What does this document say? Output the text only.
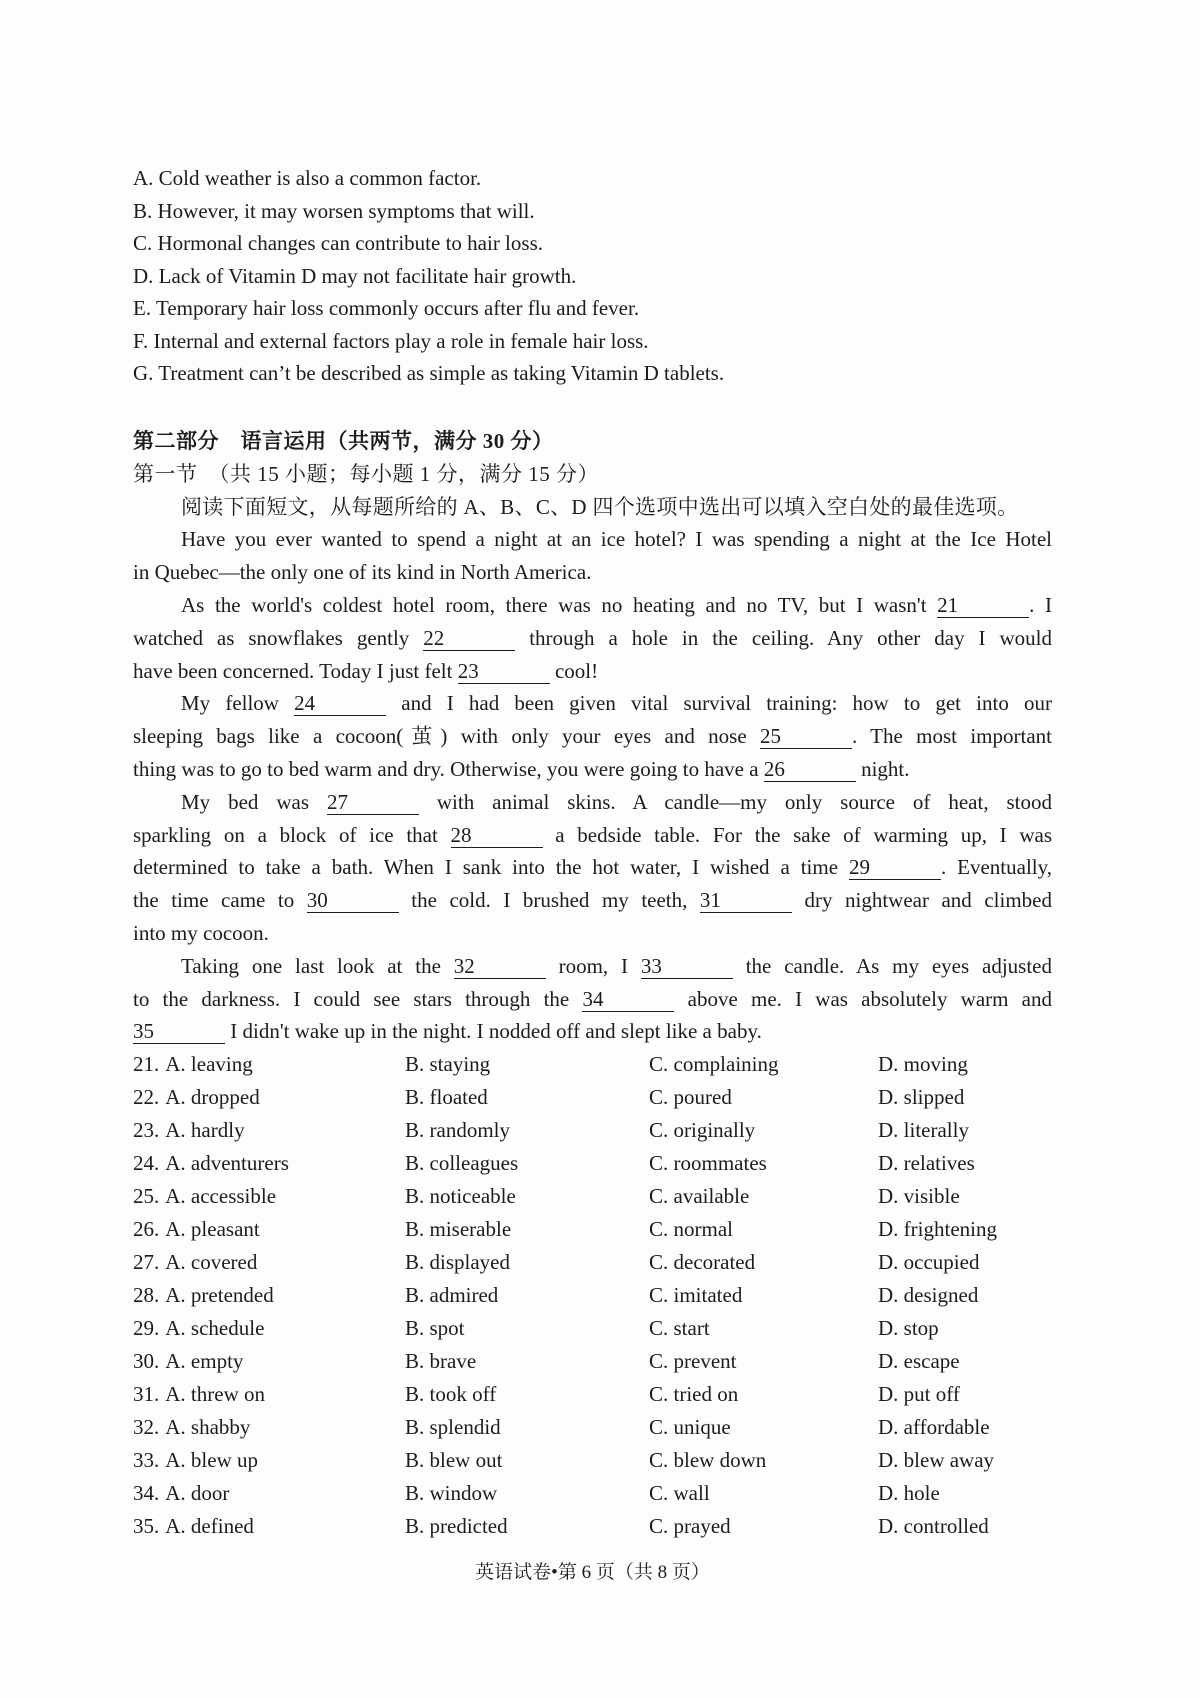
A. Cold weather is also a common factor.
B. However, it may worsen symptoms that will.
C. Hormonal changes can contribute to hair loss.
D. Lack of Vitamin D may not facilitate hair growth.
E. Temporary hair loss commonly occurs after flu and fever.
F. Internal and external factors play a role in female hair loss.
G. Treatment can’t be described as simple as taking Vitamin D tablets.
第二部分　语言运用（共两节，满分 30 分）
第一节　（共 15 小题；每小题 1 分，满分 15 分）
阅读下面短文，从每题所给的 A、B、C、D 四个选项中选出可以填入空白处的最佳选项。
Have you ever wanted to spend a night at an ice hotel? I was spending a night at the Ice Hotel
in Quebec—the only one of its kind in North America.
As the world's coldest hotel room, there was no heating and no TV, but I wasn't 21	. I
watched as snowflakes gently 22	through a hole in the ceiling. Any other day I would
have been concerned. Today I just felt 23	cool!
My fellow 24	and I had been given vital survival training: how to get into our
sleeping bags like a cocoon(茧) with only your eyes and nose 25	. The most important
thing was to go to bed warm and dry. Otherwise, you were going to have a 26	night.
My bed was 27	with animal skins. A candle—my only source of heat, stood
sparkling on a block of ice that 28	a bedside table. For the sake of warming up, I was
determined to take a bath. When I sank into the hot water, I wished a time 29	. Eventually,
the time came to 30	the cold. I brushed my teeth, 31	dry nightwear and climbed
into my cocoon.
Taking one last look at the 32	room, I 33	the candle. As my eyes adjusted
to the darkness. I could see stars through the 34	above me. I was absolutely warm and
35	I didn't wake up in the night. I nodded off and slept like a baby.
21. A. leaving	B. staying	C. complaining	D. moving
22. A. dropped	B. floated	C. poured	D. slipped
23. A. hardly	B. randomly	C. originally	D. literally
24. A. adventurers	B. colleagues	C. roommates	D. relatives
25. A. accessible	B. noticeable	C. available	D. visible
26. A. pleasant	B. miserable	C. normal	D. frightening
27. A. covered	B. displayed	C. decorated	D. occupied
28. A. pretended	B. admired	C. imitated	D. designed
29. A. schedule	B. spot	C. start	D. stop
30. A. empty	B. brave	C. prevent	D. escape
31. A. threw on	B. took off	C. tried on	D. put off
32. A. shabby	B. splendid	C. unique	D. affordable
33. A. blew up	B. blew out	C. blew down	D. blew away
34. A. door	B. window	C. wall	D. hole
35. A. defined	B. predicted	C. prayed	D. controlled
英语试卷•第 6 页（共 8 页）
